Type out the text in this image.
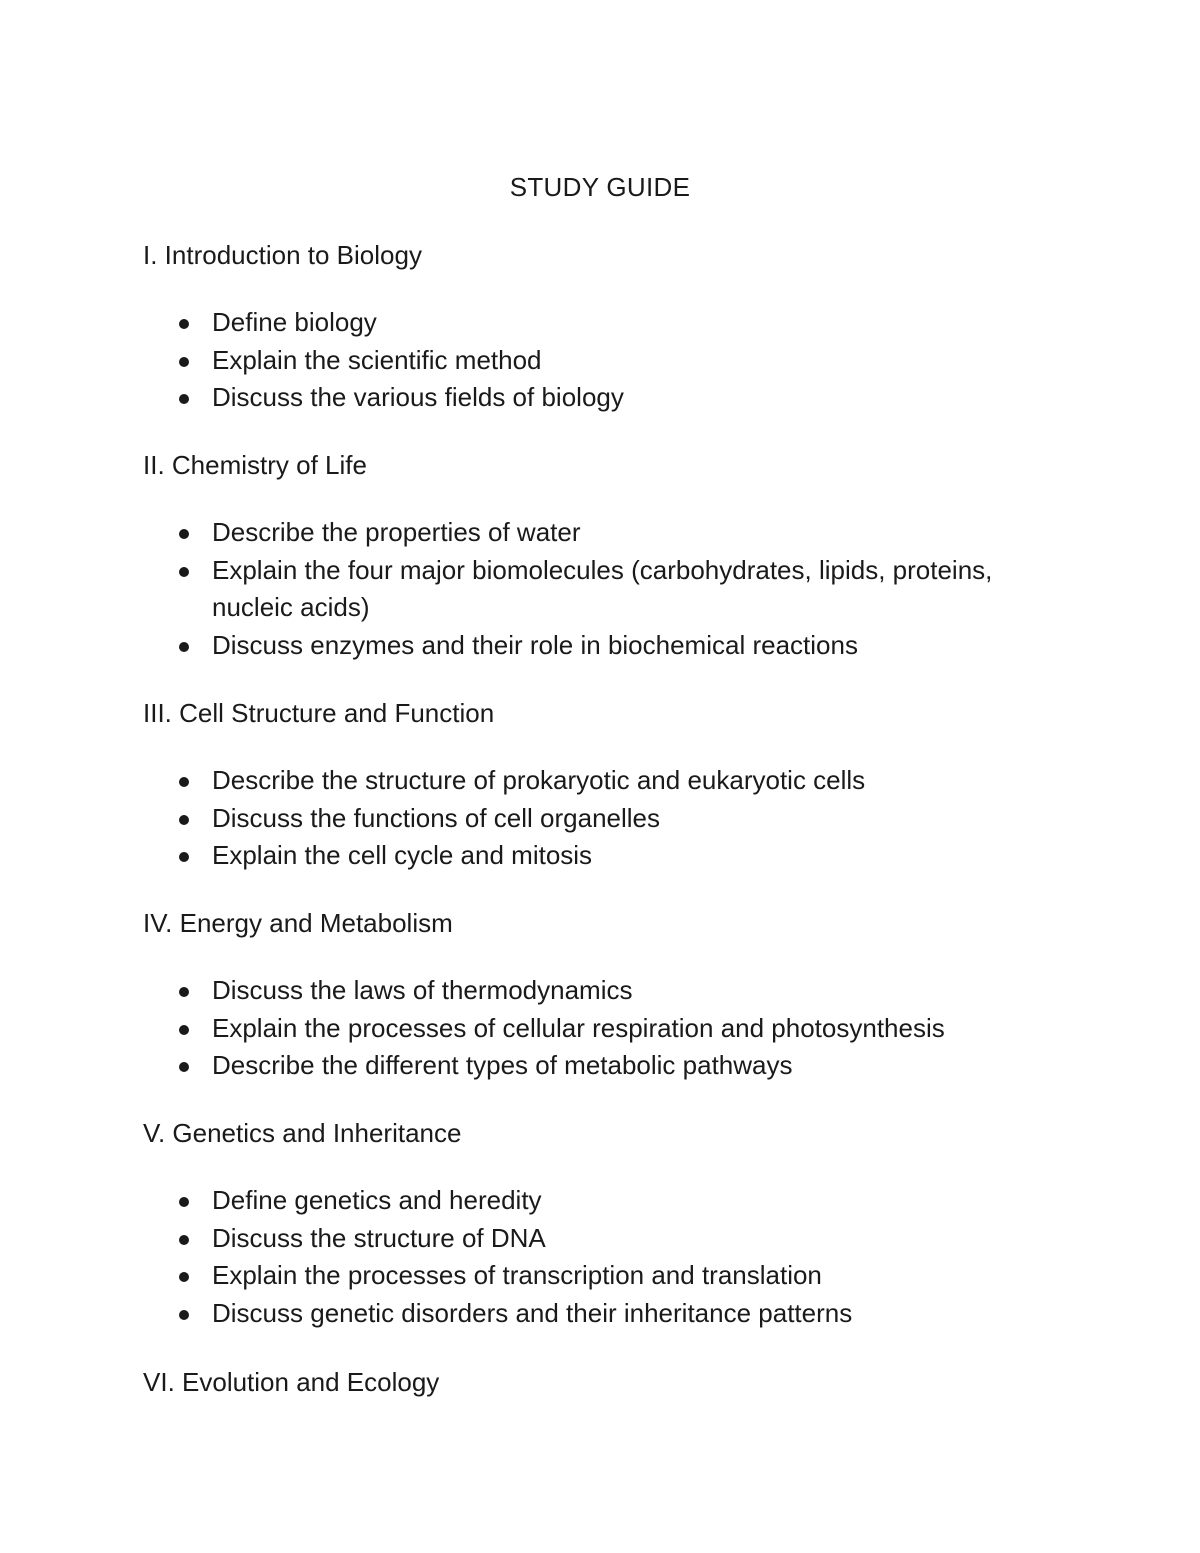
STUDY GUIDE
I. Introduction to Biology
Define biology
Explain the scientific method
Discuss the various fields of biology
II. Chemistry of Life
Describe the properties of water
Explain the four major biomolecules (carbohydrates, lipids, proteins, nucleic acids)
Discuss enzymes and their role in biochemical reactions
III. Cell Structure and Function
Describe the structure of prokaryotic and eukaryotic cells
Discuss the functions of cell organelles
Explain the cell cycle and mitosis
IV. Energy and Metabolism
Discuss the laws of thermodynamics
Explain the processes of cellular respiration and photosynthesis
Describe the different types of metabolic pathways
V. Genetics and Inheritance
Define genetics and heredity
Discuss the structure of DNA
Explain the processes of transcription and translation
Discuss genetic disorders and their inheritance patterns
VI. Evolution and Ecology
